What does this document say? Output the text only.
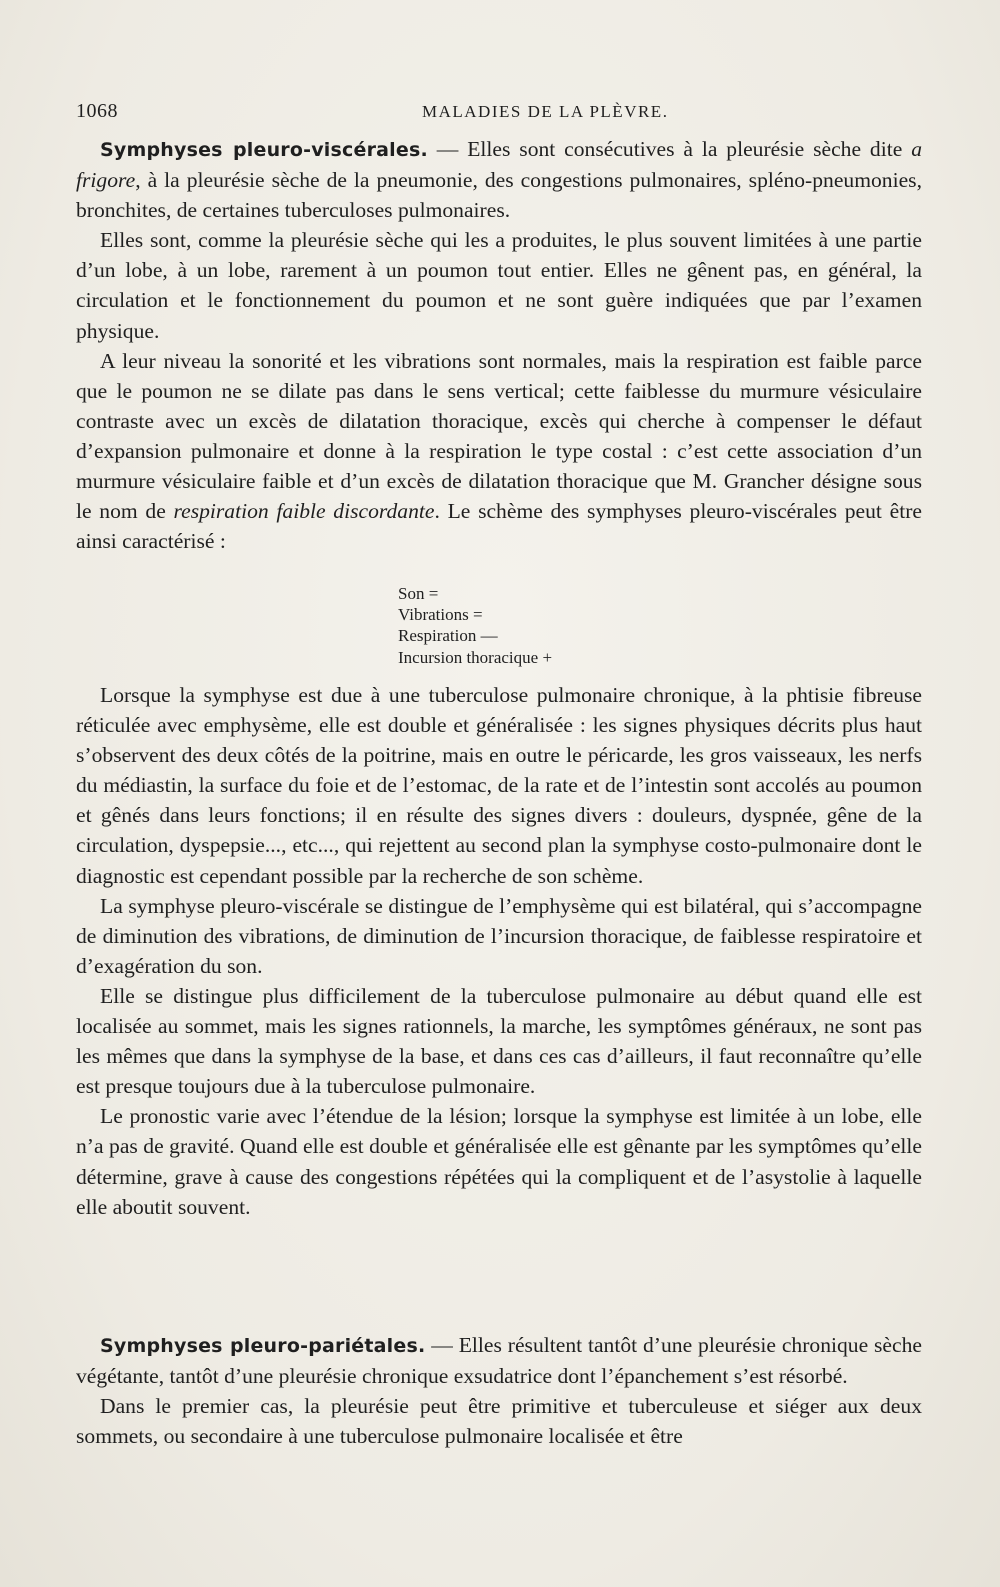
1068	MALADIES DE LA PLÈVRE.

Symphyses pleuro-viscérales. — Elles sont consécutives à la pleurésie sèche dite a frigore, à la pleurésie sèche de la pneumonie, des congestions pulmonaires, spléno-pneumonies, bronchites, de certaines tuberculoses pulmonaires.

Elles sont, comme la pleurésie sèche qui les a produites, le plus souvent limitées à une partie d’un lobe, à un lobe, rarement à un poumon tout entier. Elles ne gênent pas, en général, la circulation et le fonctionnement du poumon et ne sont guère indiquées que par l’examen physique.

A leur niveau la sonorité et les vibrations sont normales, mais la respiration est faible parce que le poumon ne se dilate pas dans le sens vertical; cette faiblesse du murmure vésiculaire contraste avec un excès de dilatation thoracique, excès qui cherche à compenser le défaut d’expansion pulmonaire et donne à la respiration le type costal : c’est cette association d’un murmure vésiculaire faible et d’un excès de dilatation thoracique que M. Grancher désigne sous le nom de respiration faible discordante. Le schème des symphyses pleuro-viscérales peut être ainsi caractérisé :

Son =
Vibrations =
Respiration —
Incursion thoracique +

Lorsque la symphyse est due à une tuberculose pulmonaire chronique, à la phtisie fibreuse réticulée avec emphysème, elle est double et généralisée : les signes physiques décrits plus haut s’observent des deux côtés de la poitrine, mais en outre le péricarde, les gros vaisseaux, les nerfs du médiastin, la surface du foie et de l’estomac, de la rate et de l’intestin sont accolés au poumon et gênés dans leurs fonctions; il en résulte des signes divers : douleurs, dyspnée, gêne de la circulation, dyspepsie..., etc..., qui rejettent au second plan la symphyse costo-pulmonaire dont le diagnostic est cependant possible par la recherche de son schème.

La symphyse pleuro-viscérale se distingue de l’emphysème qui est bilatéral, qui s’accompagne de diminution des vibrations, de diminution de l’incursion thoracique, de faiblesse respiratoire et d’exagération du son.

Elle se distingue plus difficilement de la tuberculose pulmonaire au début quand elle est localisée au sommet, mais les signes rationnels, la marche, les symptômes généraux, ne sont pas les mêmes que dans la symphyse de la base, et dans ces cas d’ailleurs, il faut reconnaître qu’elle est presque toujours due à la tuberculose pulmonaire.

Le pronostic varie avec l’étendue de la lésion; lorsque la symphyse est limitée à un lobe, elle n’a pas de gravité. Quand elle est double et généralisée elle est gênante par les symptômes qu’elle détermine, grave à cause des congestions répétées qui la compliquent et de l’asystolie à laquelle elle aboutit souvent.

Symphyses pleuro-pariétales. — Elles résultent tantôt d’une pleurésie chronique sèche végétante, tantôt d’une pleurésie chronique exsudatrice dont l’épanchement s’est résorbé.

Dans le premier cas, la pleurésie peut être primitive et tuberculeuse et siéger aux deux sommets, ou secondaire à une tuberculose pulmonaire localisée et être
